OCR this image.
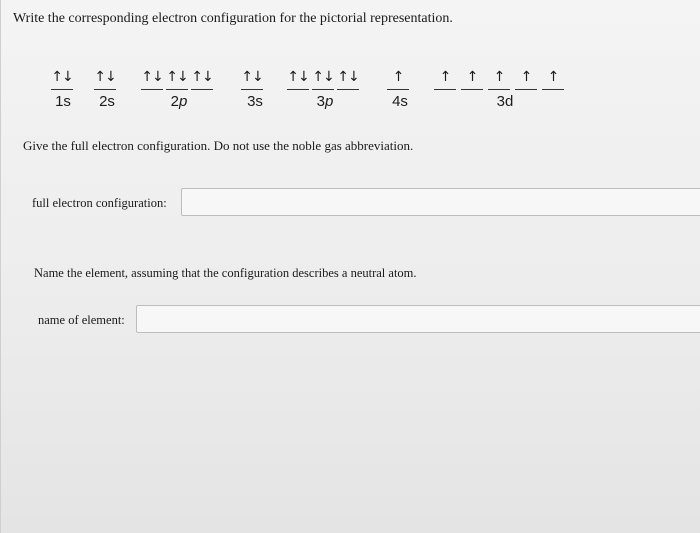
Write the corresponding electron configuration for the pictorial representation.
↑↓
1s
↑↓
2s
↑↓ ↑↓ ↑↓
2p
↑↓
3s
↑↓ ↑↓ ↑↓
3p
↑
4s
↑	↑	↑	↑	↑
3d
Give the full electron configuration. Do not use the noble gas abbreviation.
full electron configuration:
Name the element, assuming that the configuration describes a neutral atom.
name of element:
